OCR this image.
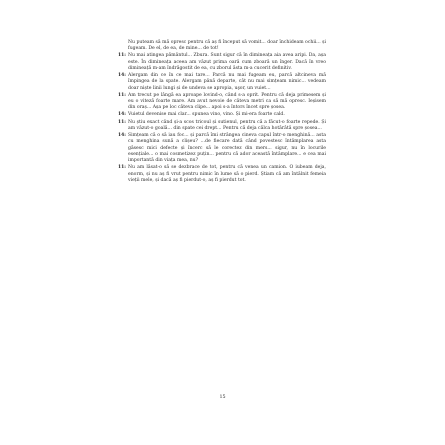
Nu puteam să mă opresc pentru că aș fi început să vomit... doar închideam ochii... și fugeam. De el, de ea, de mine... de tot!

11: Nu mai atingea pământul... Zbura. Sunt sigur că în dimineața aia avea aripi. Da, așa este. În dimineața aceea am văzut prima oară cum zboară un înger. Dacă în vreo dimineață m-am îndrăgostit de ea, cu zborul ăsta m-a cucerit definitiv.

14: Alergam din ce în ce mai tare... Parcă nu mai fugeam eu, parcă altcineva mă împingea de la spate. Alergam până departe, cât nu mai simțeam nimic... vedeam doar niște linii lungi și de undeva se apropia, uşor, un vuiet...

11: Am trecut pe lângă ea aproape lovind-o, când s-a oprit. Pentru că deja primesem și eu o viteză foarte mare. Am avut nevoie de câteva metri ca să mă opresc. Ieșisem din oraș... Așa pe loc câteva clipe... apoi s-a întors încet spre șosea.

14: Vuietul devenise mai clar... spunea vino, vino. Și mi-era foarte cald.

11: Nu știu exact când și-a scos tricoul și sutienul, pentru că a făcut-o foarte repede. Și am văzut-o goală... din spate cei drept... Pentru că deja călca hotărâtă spre șosea...

14: Simțeam că o să iau foc... și parcă îmi strângea cineva capul într-o menghină... asta cu menghina sună a clișeu? ...de fiecare dată când povestesc întâmplarea asta găsesc mici defecte și încerc să le corectez din mers... sigur, nu în locurile esențiale... o mai cosmetizez puțin... pentru că ador această întâmplare... e cea mai importantă din viața mea, nu?

11: Nu am lăsat-o să se dezbrace de tot, pentru că venea un camion. O iubeam deja, enorm, și nu aș fi vrut pentru nimic în lume să o pierd. Știam că am întâlnit femeia vieții mele, și dacă aș fi pierdut-o, aș fi pierdut tot.

15
